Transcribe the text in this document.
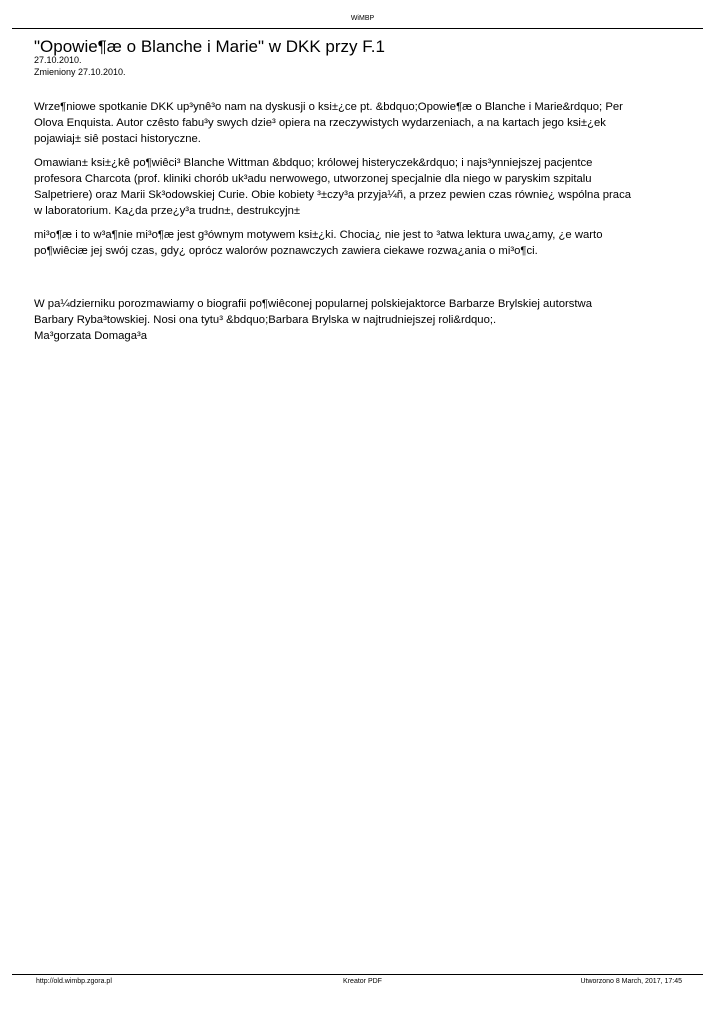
WiMBP
"Opowie¶æ o Blanche i Marie" w DKK przy F.1
27.10.2010.
Zmieniony 27.10.2010.
Wrze¶niowe spotkanie DKK up³ynê³o nam na dyskusji o ksi±¿ce pt. &bdquo;Opowie¶æ o Blanche i Marie&rdquo; Per
Olova Enquista. Autor czêsto fabu³y swych dzie³ opiera na rzeczywistych wydarzeniach, a na kartach jego ksi±¿ek
pojawiaj± siê postaci historyczne.
Omawian± ksi±¿kê po¶wiêci³ Blanche Wittman &bdquo; królowej histeryczek&rdquo; i najs³ynniejszej pacjentce
profesora Charcota (prof. kliniki chorób uk³adu nerwowego, utworzonej specjalnie dla niego w paryskim szpitalu
Salpetriere) oraz Marii Sk³odowskiej Curie. Obie kobiety ³±czy³a przyja¼ñ, a przez pewien czas równie¿ wspólna praca
w laboratorium. Ka¿da prze¿y³a trudn±, destrukcyjn±
mi³o¶æ i to w³a¶nie mi³o¶æ jest g³ównym motywem ksi±¿ki. Chocia¿ nie jest to ³atwa lektura uwa¿amy, ¿e warto
po¶wiêciæ jej swój czas, gdy¿ oprócz walorów poznawczych zawiera ciekawe rozwa¿ania o mi³o¶ci.
W pa¼dzierniku porozmawiamy o biografii po¶wiêconej popularnej polskiejaktorce Barbarze Brylskiej autorstwa
Barbary Ryba³towskiej. Nosi ona tytu³ &bdquo;Barbara Brylska w najtrudniejszej roli&rdquo;.
Ma³gorzata Domaga³a
Kreator PDF
http://old.wimbp.zgora.pl	Utworzono 8 March, 2017, 17:45
